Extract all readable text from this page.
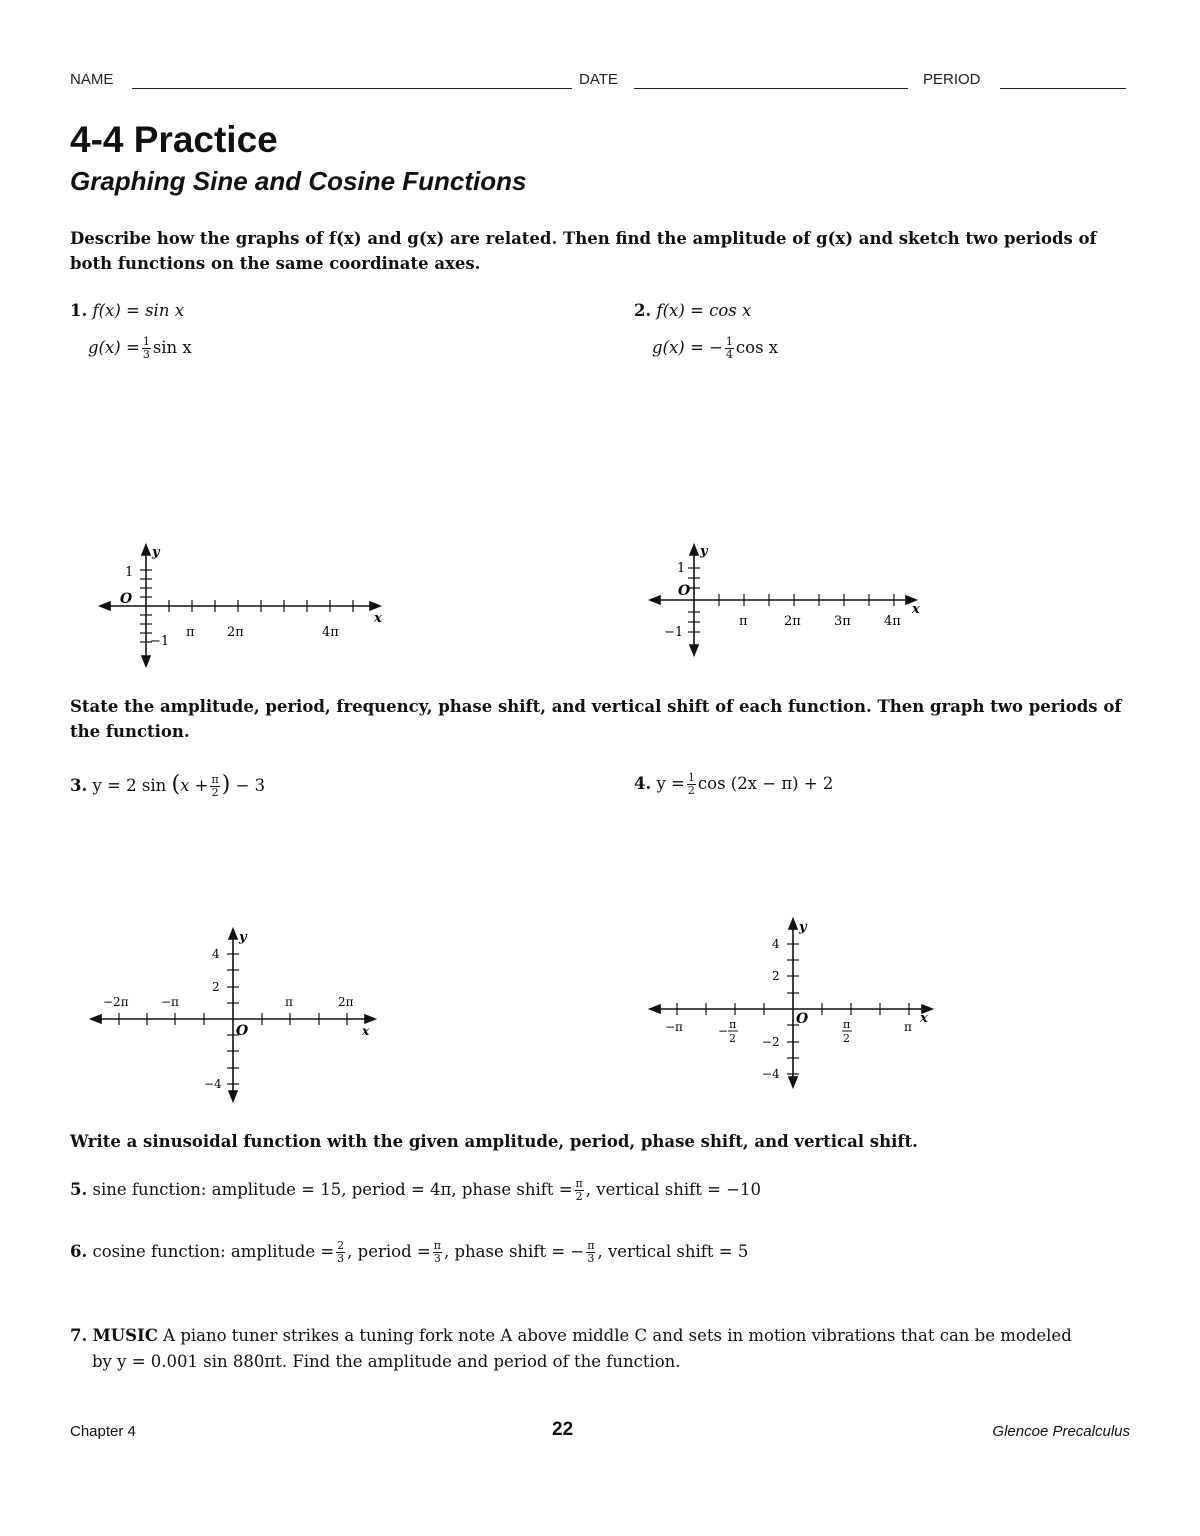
NAME	DATE	PERIOD
4-4 Practice
Graphing Sine and Cosine Functions
Describe how the graphs of f(x) and g(x) are related. Then find the amplitude of g(x) and sketch two periods of
both functions on the same coordinate axes.
1. f(x) = sin x
$g(x) = \frac{1}{3}$ sin x
2. f(x) = cos x
g(x) = − $\frac{1}{4}$ cos x
y
x
O
1
−1
π 2π	4π
y
x
O
1
−1
π	2π	3π	4π
State the amplitude, period, frequency, phase shift, and vertical shift of each function. Then graph two periods of
the function.
3. y = 2 $\sin (x + \frac{\pi}{2}$ ) − 3	4. $y = \frac{1}{2}$ cos (2x − π) + 2
y
x
O
4
2
−4
−2π	−π	π	2π
y
x
O
4
2
−2
−4
−π	− π
2
π
2
π
Write a sinusoidal function with the given amplitude, period, phase shift, and vertical shift.
5. sine function: amplitude = 15, period = 4π, phase shift = $\frac{\pi}{2}$ , vertical shift = −10
6. cosine function: amplitude = $\frac{2}{3}$ , period = $\frac{\pi}{3}$ , phase shift = − $\frac{\pi}{3}$ , vertical shift = 5
7. MUSIC A piano tuner strikes a tuning fork note A above middle C and sets in motion vibrations that can be modeled
by y = 0.001 sin 880πt. Find the amplitude and period of the function.
Chapter 4	22	Glencoe Precalculus
